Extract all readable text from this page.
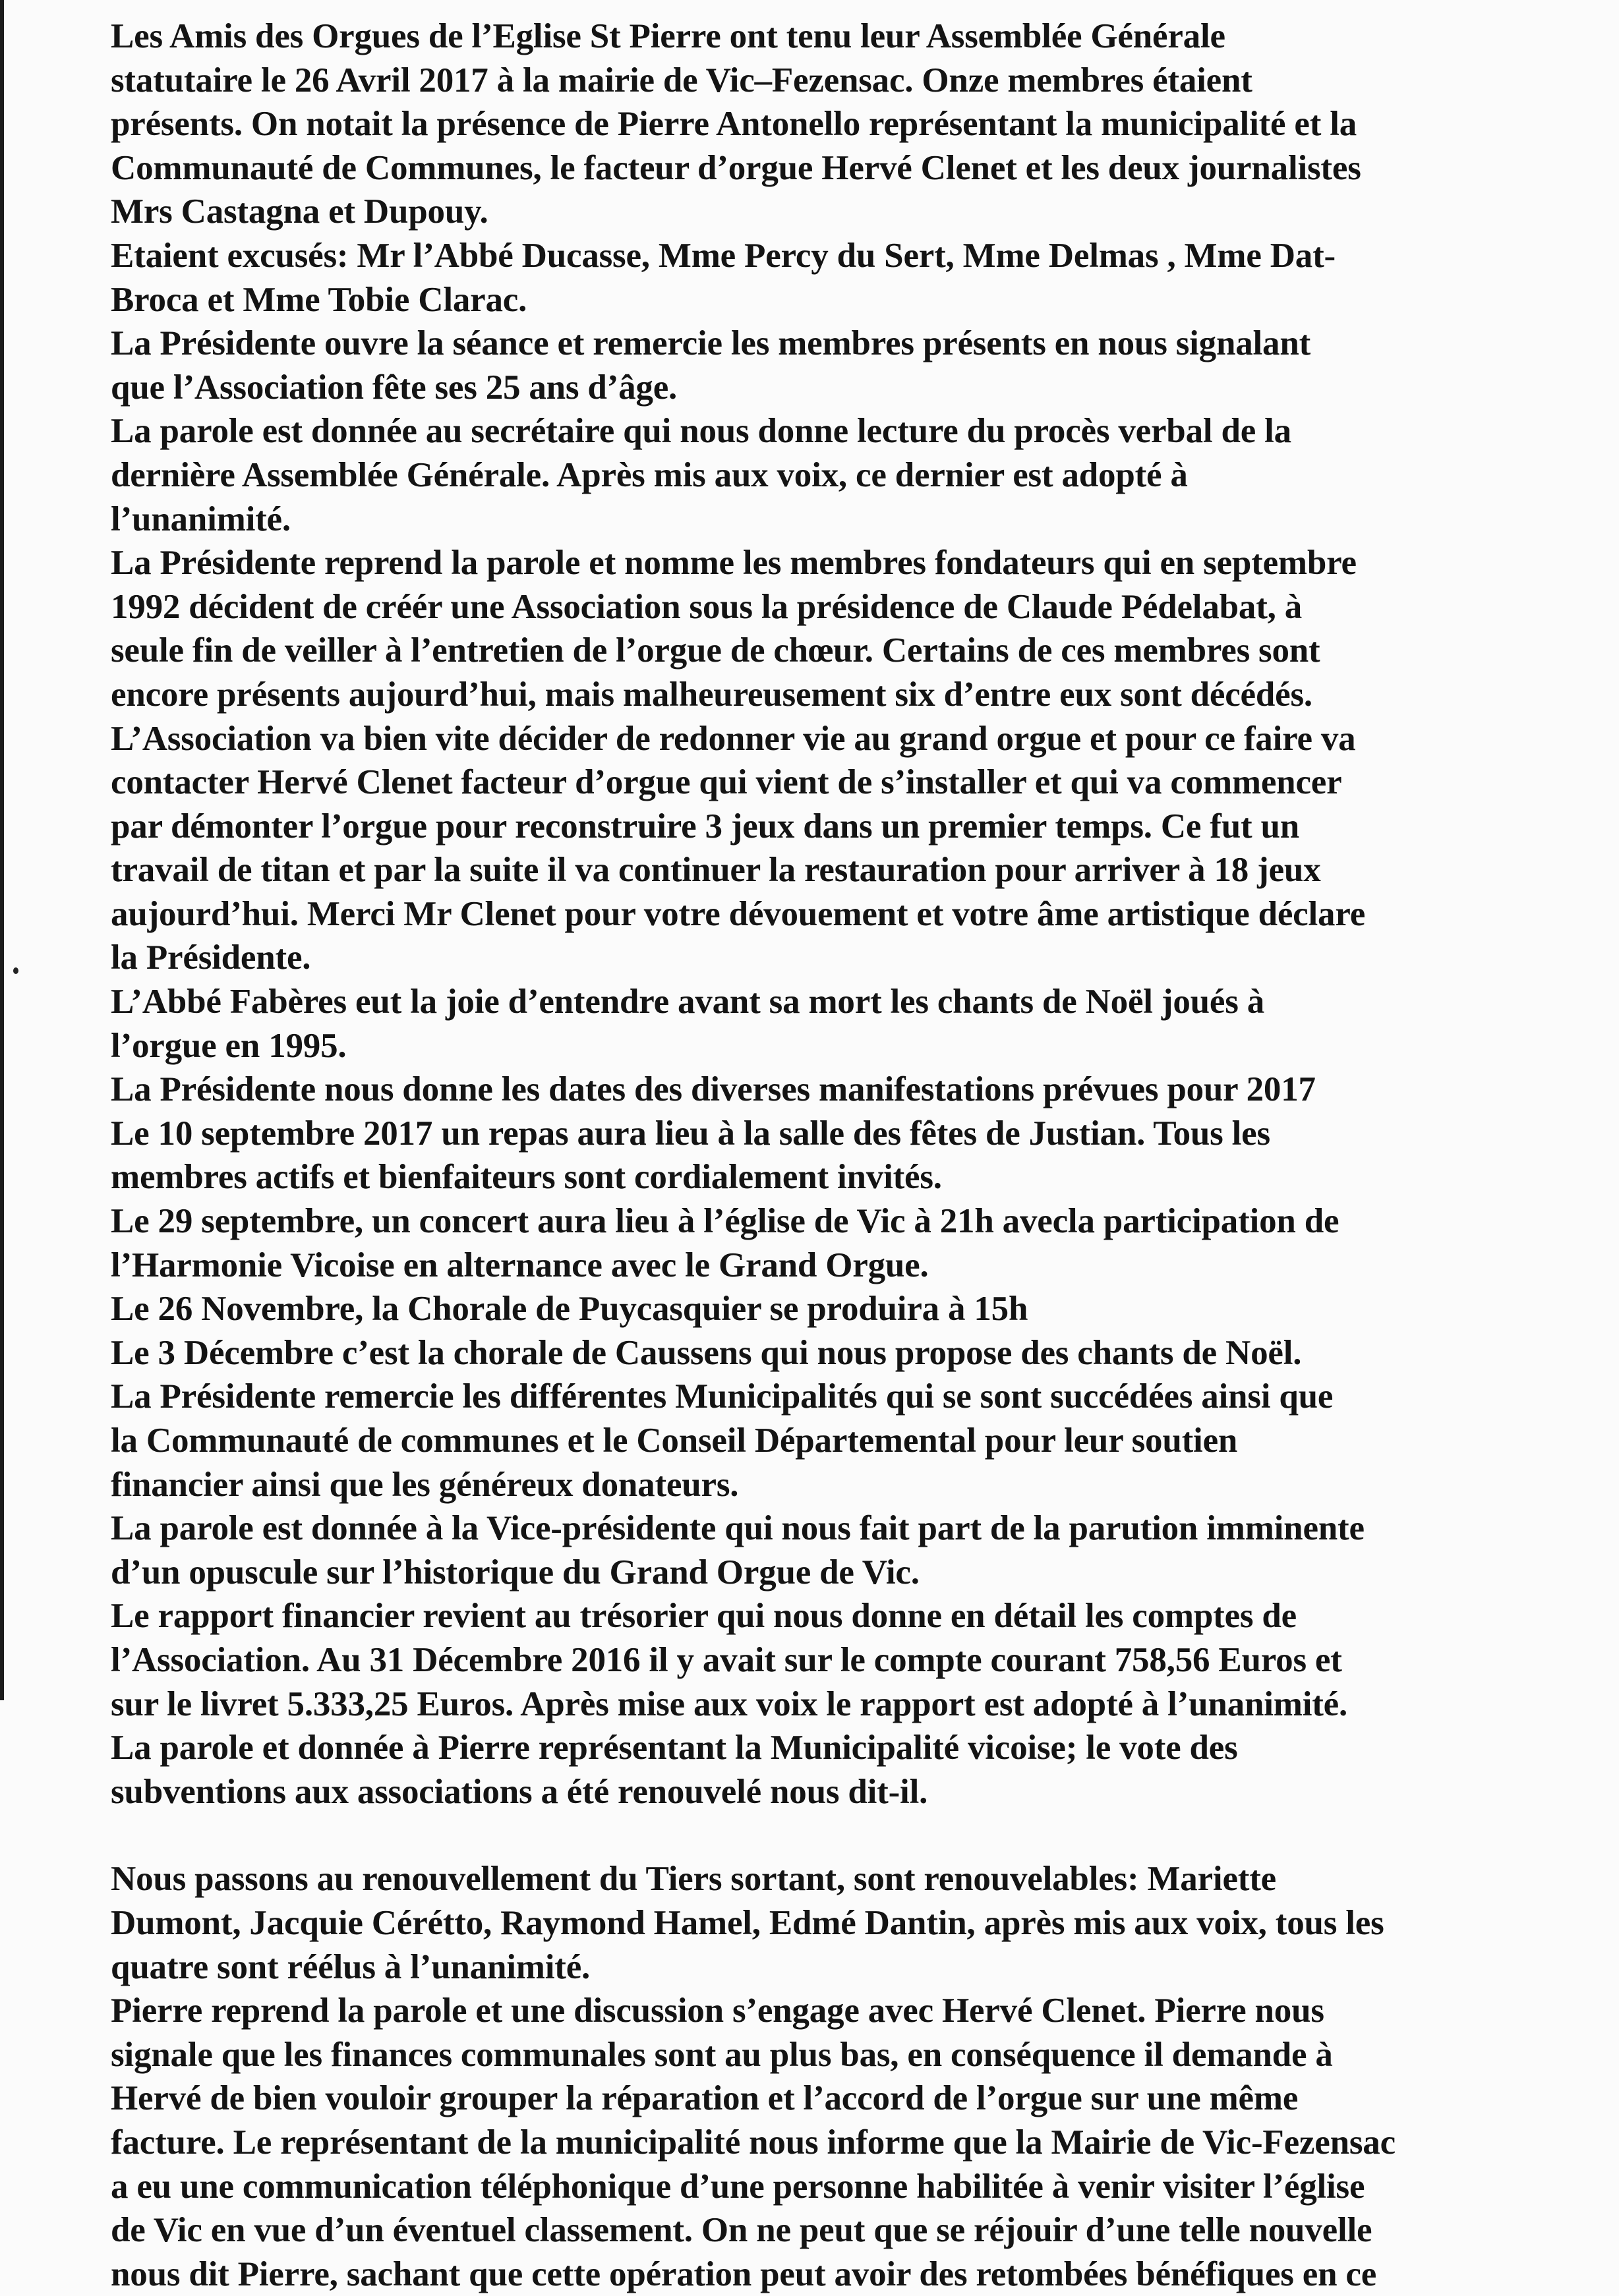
Les Amis des Orgues de l’Eglise St Pierre ont tenu leur Assemblée Générale
statutaire le 26 Avril 2017 à la mairie de Vic–Fezensac. Onze membres étaient
présents. On notait la présence de Pierre Antonello représentant la municipalité et la
Communauté de Communes, le facteur d’orgue Hervé Clenet et les deux journalistes
Mrs Castagna et Dupouy.
Etaient excusés: Mr l’Abbé Ducasse, Mme Percy du Sert, Mme Delmas , Mme Dat-
Broca et Mme Tobie Clarac.
La Présidente ouvre la séance et remercie les membres présents en nous signalant
que l’Association fête ses 25 ans d’âge.
La parole est donnée au secrétaire qui nous donne lecture du procès verbal de la
dernière Assemblée Générale. Après mis aux voix, ce dernier est adopté à
l’unanimité.
La Présidente reprend la parole et nomme les membres fondateurs qui en septembre
1992 décident de créér une Association sous la présidence de Claude Pédelabat, à
seule fin de veiller à l’entretien de l’orgue de chœur. Certains de ces membres sont
encore présents aujourd’hui, mais malheureusement six d’entre eux sont décédés.
L’Association va bien vite décider de redonner vie au grand orgue et pour ce faire va
contacter Hervé Clenet facteur d’orgue qui vient de s’installer et qui va commencer
par démonter l’orgue pour reconstruire 3 jeux dans un premier temps. Ce fut un
travail de titan et par la suite il va continuer la restauration pour arriver à 18 jeux
aujourd’hui. Merci Mr Clenet pour votre dévouement et votre âme artistique déclare
la Présidente.
L’Abbé Fabères eut la joie d’entendre avant sa mort les chants de Noël joués à
l’orgue en 1995.
La Présidente nous donne les dates des diverses manifestations prévues pour 2017
Le 10 septembre 2017 un repas aura lieu à la salle des fêtes de Justian. Tous les
membres actifs et bienfaiteurs sont cordialement invités.
Le 29 septembre, un concert aura lieu à l’église de Vic à 21h avecla participation de
l’Harmonie Vicoise en alternance avec le Grand Orgue.
Le 26 Novembre, la Chorale de Puycasquier se produira à 15h
Le 3 Décembre c’est la chorale de Caussens qui nous propose des chants de Noël.
La Présidente remercie les différentes Municipalités qui se sont succédées ainsi que
la Communauté de communes et le Conseil Départemental pour leur soutien
financier ainsi que les généreux donateurs.
La parole est donnée à la Vice-présidente qui nous fait part de la parution imminente
d’un opuscule sur l’historique du Grand Orgue de Vic.
Le rapport financier revient au trésorier qui nous donne en détail les comptes de
l’Association. Au 31 Décembre 2016 il y avait sur le compte courant 758,56 Euros et
sur le livret 5.333,25 Euros. Après mise aux voix le rapport est adopté à l’unanimité.
La parole et donnée à Pierre représentant la Municipalité vicoise; le vote des
subventions aux associations a été renouvelé nous dit-il.
Nous passons au renouvellement du Tiers sortant, sont renouvelables: Mariette
Dumont, Jacquie Cérétto, Raymond Hamel, Edmé Dantin, après mis aux voix, tous les
quatre sont réélus à l’unanimité.
Pierre reprend la parole et une discussion s’engage avec Hervé Clenet. Pierre nous
signale que les finances communales sont au plus bas, en conséquence il demande à
Hervé de bien vouloir grouper la réparation et l’accord de l’orgue sur une même
facture. Le représentant de la municipalité nous informe que la Mairie de Vic-Fezensac
a eu une communication téléphonique d’une personne habilitée à venir visiter l’église
de Vic en vue d’un éventuel classement. On ne peut que se réjouir d’une telle nouvelle
nous dit Pierre, sachant que cette opération peut avoir des retombées bénéfiques en ce
